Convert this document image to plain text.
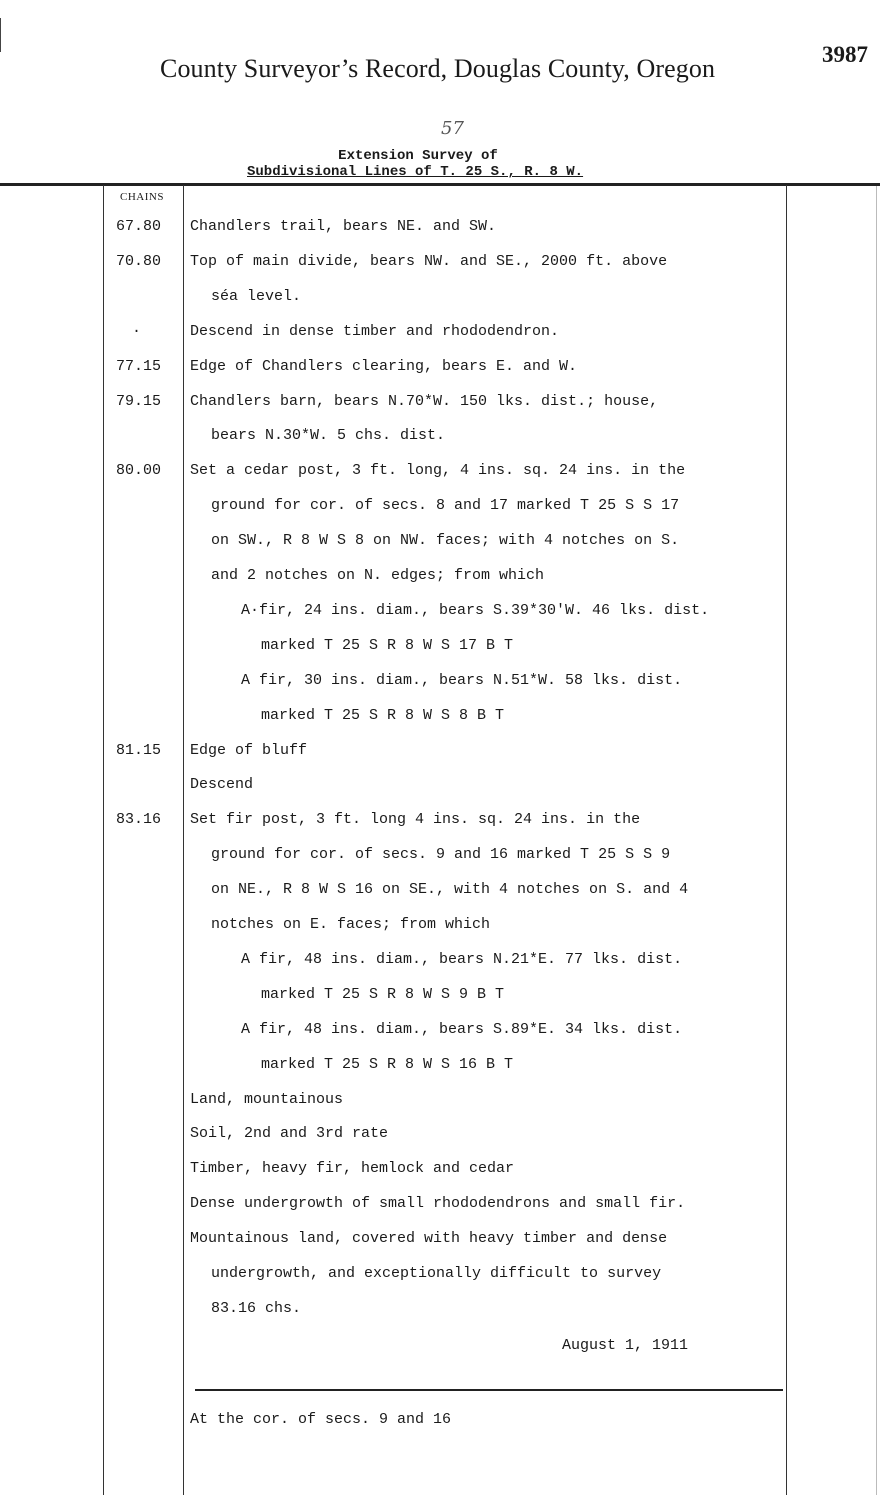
County Surveyor’s Record, Douglas County, Oregon	3987
57
Extension Survey of
Subdivisional Lines of T. 25 S., R. 8 W.
CHAINS
67.80
70.80
·
77.15
79.15
80.00
81.15
83.16
Chandlers trail, bears NE. and SW.
Top of main divide, bears NW. and SE., 2000 ft. above
séa level.
Descend in dense timber and rhododendron.
Edge of Chandlers clearing, bears E. and W.
Chandlers barn, bears N.70*W. 150 lks. dist.; house,
bears N.30*W. 5 chs. dist.
Set a cedar post, 3 ft. long, 4 ins. sq. 24 ins. in the
ground for cor. of secs. 8 and 17 marked T 25 S S 17
on SW., R 8 W S 8 on NW. faces; with 4 notches on S.
and 2 notches on N. edges; from which
A·fir, 24 ins. diam., bears S.39*30'W. 46 lks. dist.
marked T 25 S R 8 W S 17 B T
A fir, 30 ins. diam., bears N.51*W. 58 lks. dist.
marked T 25 S R 8 W S 8 B T
Edge of bluff
Descend
Set fir post, 3 ft. long 4 ins. sq. 24 ins. in the
ground for cor. of secs. 9 and 16 marked T 25 S S 9
on NE., R 8 W S 16 on SE., with 4 notches on S. and 4
notches on E. faces; from which
A fir, 48 ins. diam., bears N.21*E. 77 lks. dist.
marked T 25 S R 8 W S 9 B T
A fir, 48 ins. diam., bears S.89*E. 34 lks. dist.
marked T 25 S R 8 W S 16 B T
Land, mountainous
Soil, 2nd and 3rd rate
Timber, heavy fir, hemlock and cedar
Dense undergrowth of small rhododendrons and small fir.
Mountainous land, covered with heavy timber and dense
undergrowth, and exceptionally difficult to survey
83.16 chs.
At the cor. of secs. 9 and 16
August 1, 1911
